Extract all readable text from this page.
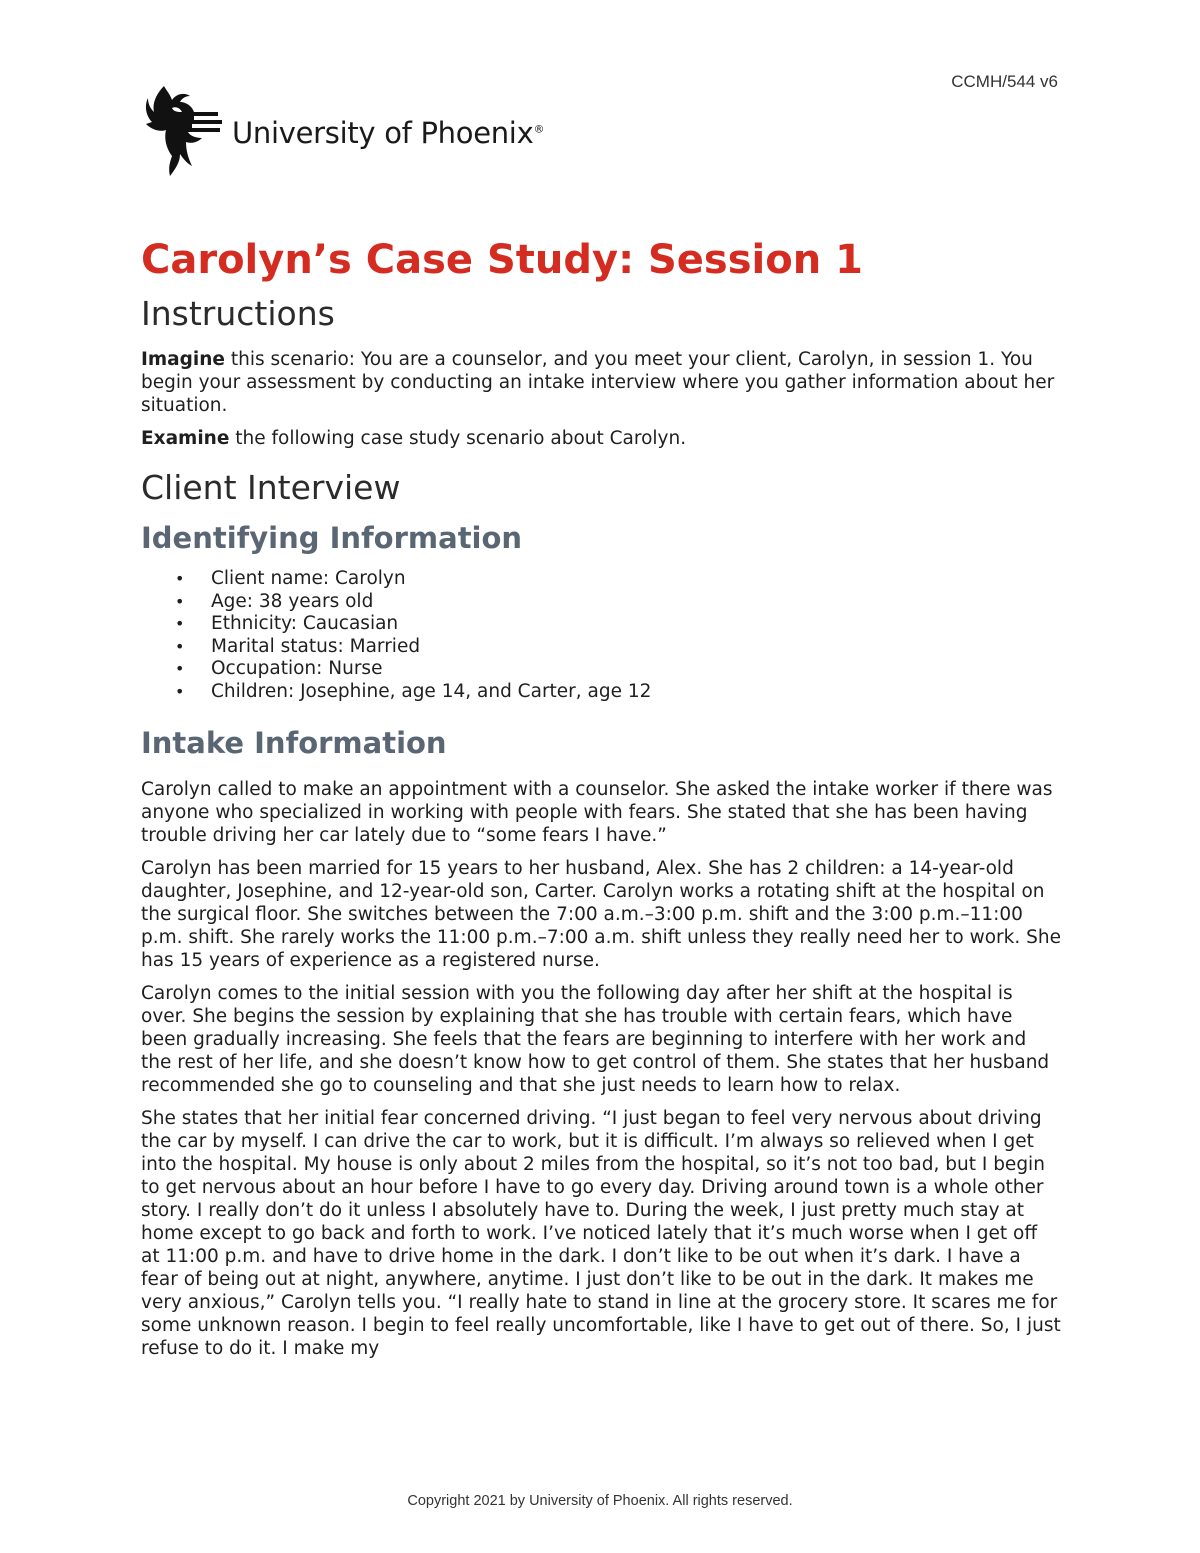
CCMH/544 v6
University of Phoenix®
Carolyn’s Case Study: Session 1
Instructions

Imagine this scenario: You are a counselor, and you meet your client, Carolyn, in session 1. You begin your assessment by conducting an intake interview where you gather information about her situation.

Examine the following case study scenario about Carolyn.

Client Interview
Identifying Information
• Client name: Carolyn
• Age: 38 years old
• Ethnicity: Caucasian
• Marital status: Married
• Occupation: Nurse
• Children: Josephine, age 14, and Carter, age 12
Intake Information

Carolyn called to make an appointment with a counselor. She asked the intake worker if there was anyone who specialized in working with people with fears. She stated that she has been having trouble driving her car lately due to “some fears I have.”

Carolyn has been married for 15 years to her husband, Alex. She has 2 children: a 14-year-old daughter, Josephine, and 12-year-old son, Carter. Carolyn works a rotating shift at the hospital on the surgical floor. She switches between the 7:00 a.m.–3:00 p.m. shift and the 3:00 p.m.–11:00 p.m. shift. She rarely works the 11:00 p.m.–7:00 a.m. shift unless they really need her to work. She has 15 years of experience as a registered nurse.

Carolyn comes to the initial session with you the following day after her shift at the hospital is over. She begins the session by explaining that she has trouble with certain fears, which have been gradually increasing. She feels that the fears are beginning to interfere with her work and the rest of her life, and she doesn’t know how to get control of them. She states that her husband recommended she go to counseling and that she just needs to learn how to relax.

She states that her initial fear concerned driving. “I just began to feel very nervous about driving the car by myself. I can drive the car to work, but it is difficult. I’m always so relieved when I get into the hospital. My house is only about 2 miles from the hospital, so it’s not too bad, but I begin to get nervous about an hour before I have to go every day. Driving around town is a whole other story. I really don’t do it unless I absolutely have to. During the week, I just pretty much stay at home except to go back and forth to work. I’ve noticed lately that it’s much worse when I get off at 11:00 p.m. and have to drive home in the dark. I don’t like to be out when it’s dark. I have a fear of being out at night, anywhere, anytime. I just don’t like to be out in the dark. It makes me very anxious,” Carolyn tells you. “I really hate to stand in line at the grocery store. It scares me for some unknown reason. I begin to feel really uncomfortable, like I have to get out of there. So, I just refuse to do it. I make my

Copyright 2021 by University of Phoenix. All rights reserved.
